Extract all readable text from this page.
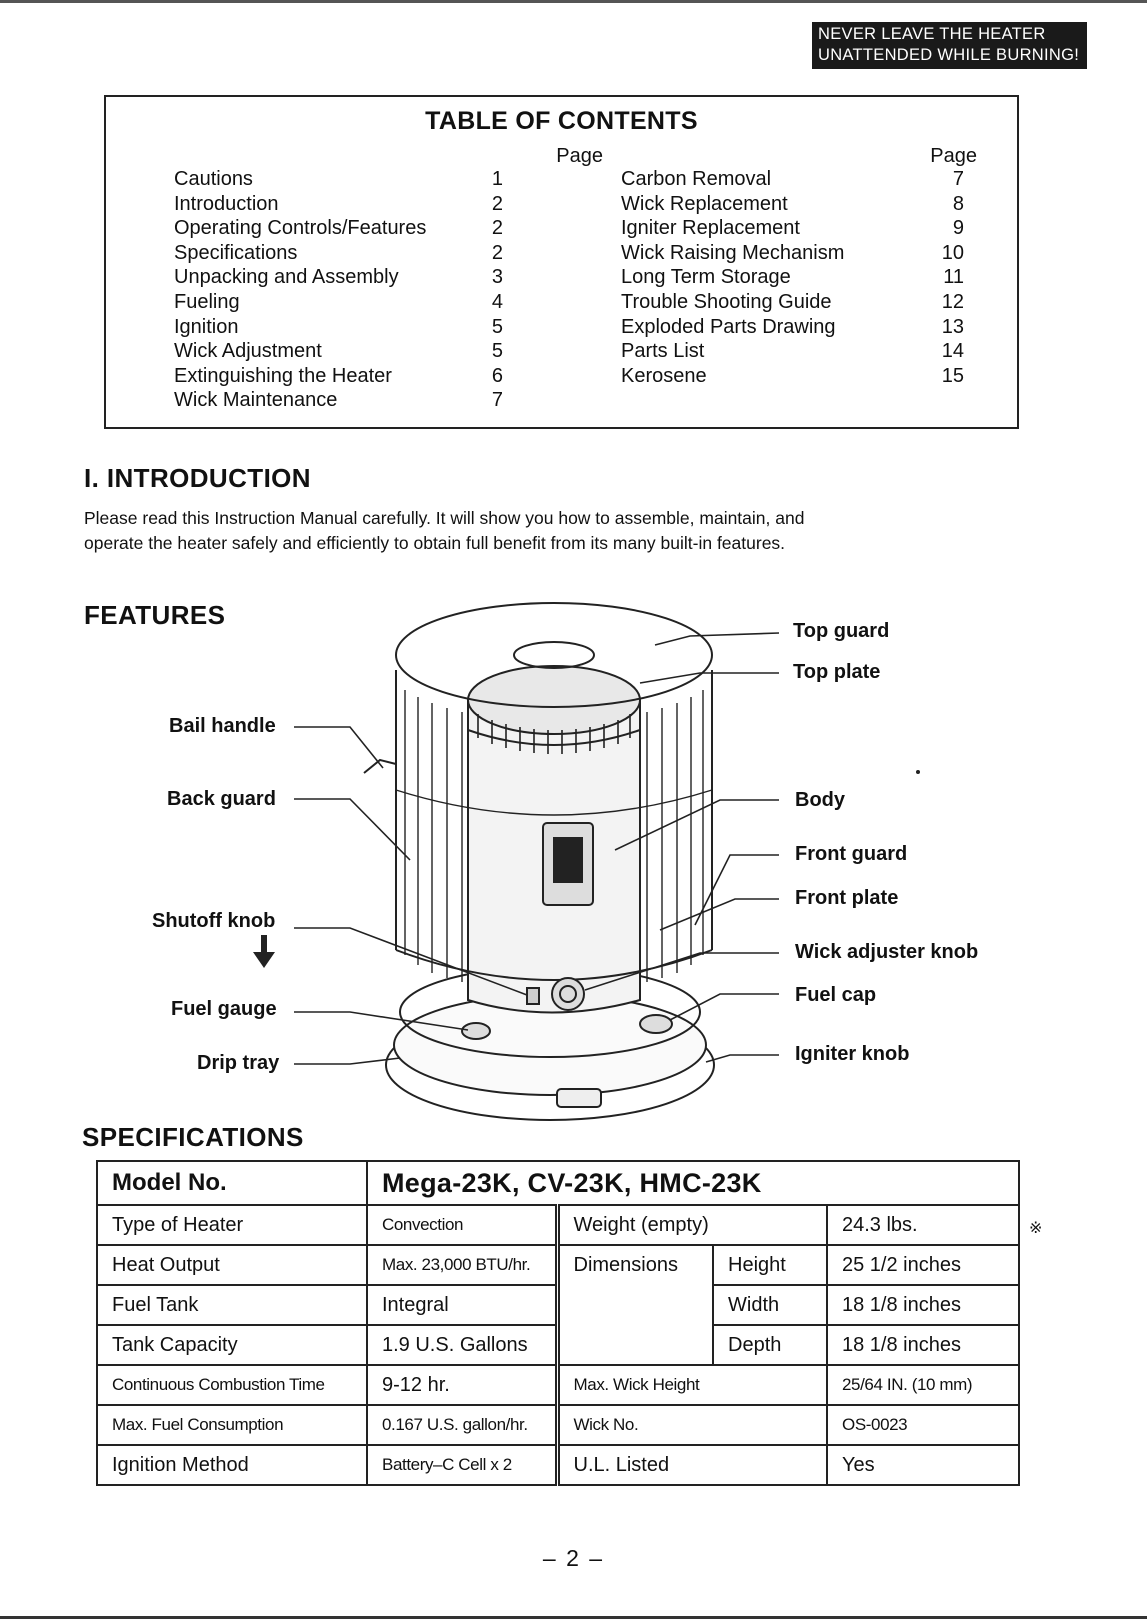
NEVER LEAVE THE HEATER
UNATTENDED WHILE BURNING!
TABLE OF CONTENTS
Page	Page
Cautions	1
Introduction	2
Operating Controls/Features	2
Specifications	2
Unpacking and Assembly	3
Fueling	4
Ignition	5
Wick Adjustment	5
Extinguishing the Heater	6
Wick Maintenance	7
Carbon Removal	7
Wick Replacement	8
Igniter Replacement	9
Wick Raising Mechanism	10
Long Term Storage	11
Trouble Shooting Guide	12
Exploded Parts Drawing	13
Parts List	14
Kerosene	15
I. INTRODUCTION
Please read this Instruction Manual carefully. It will show you how to assemble, maintain, and
operate the heater safely and efficiently to obtain full benefit from its many built-in features.
FEATURES
Top guard
Top plate
Bail handle
Back guard	Body
Front guard
Front plate
Shutoff knob
Wick adjuster knob
Fuel gauge
Fuel cap
Drip tray	Igniter knob
SPECIFICATIONS
Model No.	Mega-23K, CV-23K, HMC-23K			
Type of Heater	Convection	Weight (empty)		24.3 lbs.
Heat Output	Max. 23,000 BTU/hr.	Dimensions	Height	25 1/2 inches
Fuel Tank	Integral		Width	18 1/8 inches
Tank Capacity	1.9 U.S. Gallons		Depth	18 1/8 inches
Continuous Combustion Time	9-12 hr.	Max. Wick Height		25/64 IN. (10 mm)
Max. Fuel Consumption	0.167 U.S. gallon/hr.	Wick No.		OS-0023
Ignition Method	Battery–C Cell x 2	U.L. Listed		Yes
※
– 2 –
